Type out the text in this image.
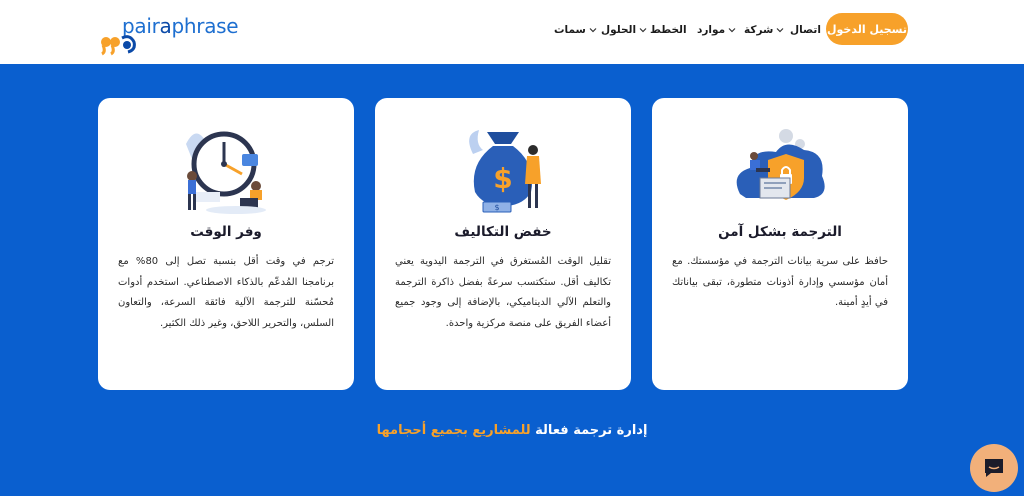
pairaphrase	سمات الحلول الخطط موارد شركة اتصال تسجيل الدخول
وفر الوقت
ترجم في وقت أقل بنسبة تصل إلى 80% مع برنامجنا المُدعّم بالذكاء الاصطناعي. استخدم أدوات مُحسّنة للترجمة الآلية فائقة السرعة، والتعاون السلس، والتحرير اللاحق، وغير ذلك الكثير.
$
$
خفض التكاليف
تقليل الوقت المُستغرق في الترجمة اليدوية يعني تكاليف أقل. ستكتسب سرعةً بفضل ذاكرة الترجمة والتعلم الآلي الديناميكي، بالإضافة إلى وجود جميع أعضاء الفريق على منصة مركزية واحدة.
الترجمة بشكل آمن
حافظ على سرية بيانات الترجمة في مؤسستك. مع أمان مؤسسي وإدارة أذونات متطورة، تبقى بياناتك في أيدٍ أمينة.
إدارة ترجمة فعالة للمشاريع بجميع أحجامها
